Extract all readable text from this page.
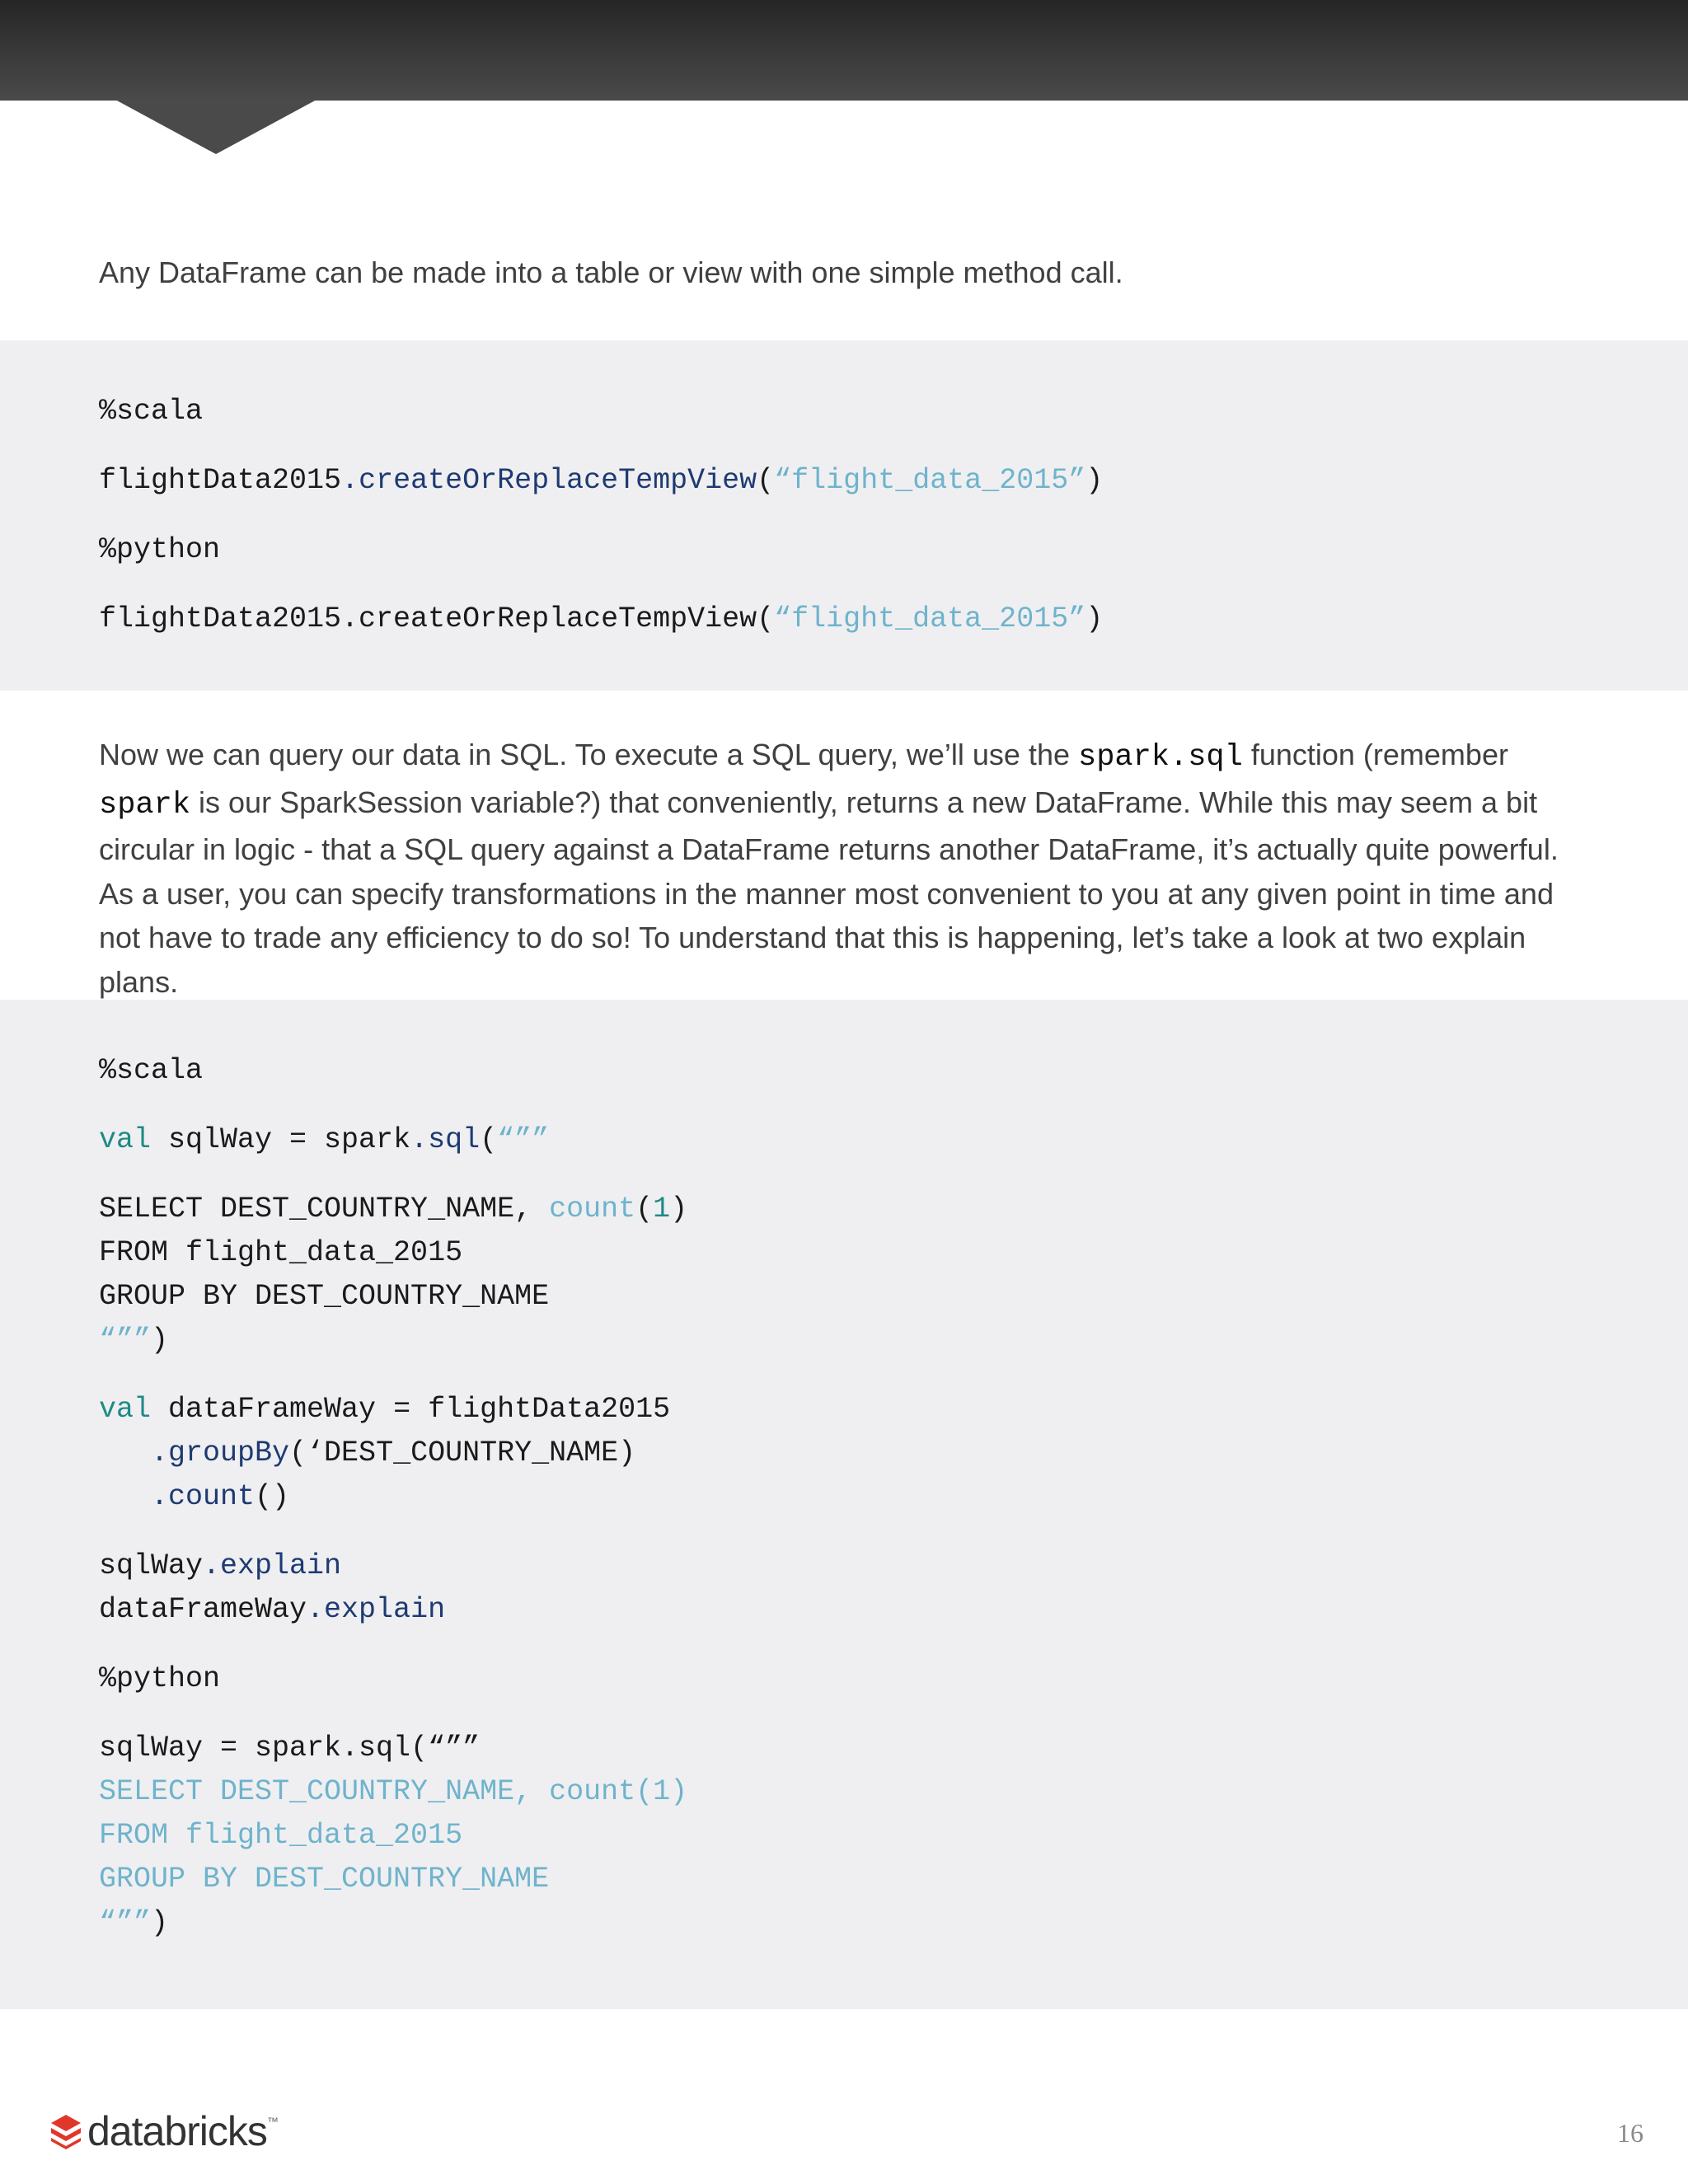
Any DataFrame can be made into a table or view with one simple method call.

%scala
flightData2015.createOrReplaceTempView(“flight_data_2015”)
%python
flightData2015.createOrReplaceTempView(“flight_data_2015”)

Now we can query our data in SQL. To execute a SQL query, we’ll use the spark.sql function (remember spark is our SparkSession variable?) that conveniently, returns a new DataFrame. While this may seem a bit circular in logic - that a SQL query against a DataFrame returns another DataFrame, it’s actually quite powerful. As a user, you can specify transformations in the manner most convenient to you at any given point in time and not have to trade any efficiency to do so! To understand that this is happening, let’s take a look at two explain plans.

%scala
val sqlWay = spark.sql(“””
SELECT DEST_COUNTRY_NAME, count(1)
FROM flight_data_2015
GROUP BY DEST_COUNTRY_NAME
“””)
val dataFrameWay = flightData2015
.groupBy(‘DEST_COUNTRY_NAME)
.count()
sqlWay.explain
dataFrameWay.explain
%python
sqlWay = spark.sql(“””
SELECT DEST_COUNTRY_NAME, count(1)
FROM flight_data_2015
GROUP BY DEST_COUNTRY_NAME
“””)
databricks ™	16
